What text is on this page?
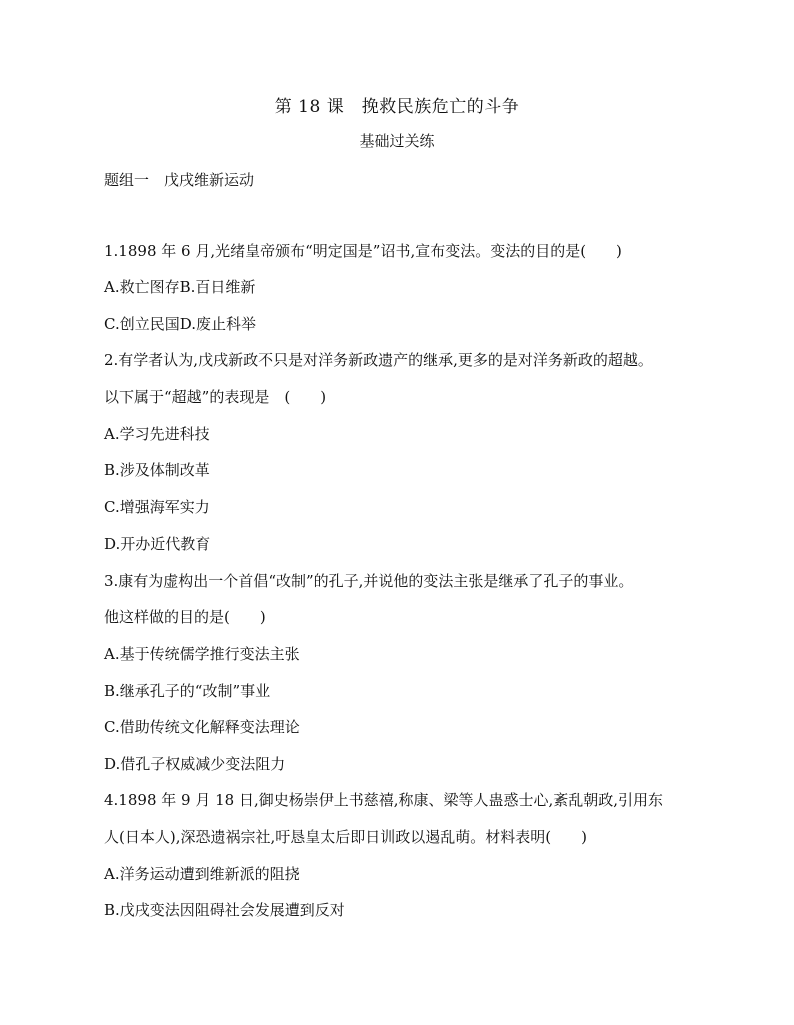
第 18 课　挽救民族危亡的斗争
基础过关练
题组一　戊戌维新运动
1.1898 年 6 月,光绪皇帝颁布“明定国是”诏书,宣布变法。变法的目的是(　　)
A.救亡图存B.百日维新
C.创立民国D.废止科举
2.有学者认为,戊戌新政不只是对洋务新政遗产的继承,更多的是对洋务新政的超越。
以下属于“超越”的表现是　(　　)
A.学习先进科技
B.涉及体制改革
C.增强海军实力
D.开办近代教育
3.康有为虚构出一个首倡“改制”的孔子,并说他的变法主张是继承了孔子的事业。
他这样做的目的是(　　)
A.基于传统儒学推行变法主张
B.继承孔子的“改制”事业
C.借助传统文化解释变法理论
D.借孔子权威减少变法阻力
4.1898 年 9 月 18 日,御史杨崇伊上书慈禧,称康、梁等人蛊惑士心,紊乱朝政,引用东
人(日本人),深恐遗祸宗社,吁恳皇太后即日训政以遏乱萌。材料表明(　　)
A.洋务运动遭到维新派的阻挠
B.戊戌变法因阻碍社会发展遭到反对
